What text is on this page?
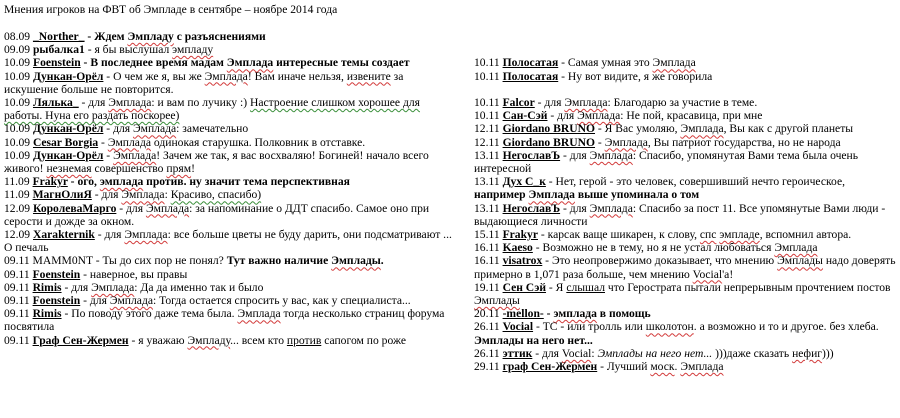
Мнения игроков на ФВТ об Эмпладе в сентябре – ноябре 2014 года
08.09 _Norther_ - Ждем Эмпладу с разъяснениями
09.09 рыбалка1 - я бы выслушал эмпладу
10.09 Foenstein - В последнее время мадам Эмплада интересные темы создает
10.09 Дункан-Орёл - О чем же я, вы же Эмплада! Вам иначе нельзя, извените за искушение больше не повторится.
10.09 Лялька_ - для Эмплада: и вам по лучику :) Настроение слишком хорошее для работы. Нуна его раздать поскорее)
10.09 Дункан-Орёл - для Эмплада: замечательно
10.09 Cesar Borgia - Эмплада одинокая старушка. Полковник в отставке.
10.09 Дункан-Орёл - Эмплада! Зачем же так, я вас восхваляю! Богиней! начало всего живого! незнемая совершенство прям!
11.09 Frakyr - ого, эмплада против. ну значит тема перспективная
11.09 МагнОлиЯ - для Эмплада: Красиво, спасибо)
12.09 КоролеваМарго - для Эмплада: за напоминание о ДДТ спасибо. Самое оно при серости и дожде за окном.
12.09 Xarakternik - для Эмплада: все больше цветы не буду дарить, они подсматривают ... О печаль
09.11 MAMM0NT - Ты до сих пор не понял? Тут важно наличие Эмплады.
09.11 Foenstein - наверное, вы правы
09.11 Rimis - для Эмплада: Да да именно так и было
09.11 Foenstein - для Эмплада: Тогда остается спросить у вас, как у специалиста...
09.11 Rimis - По поводу этого даже тема была. Эмплада тогда несколько страниц форума посвятила
09.11 Граф Сен-Жермен - я уважаю Эмпладу... всем кто против сапогом по роже
10.11 Полосатая - Самая умная это Эмплада
10.11 Полосатая - Ну вот видите, я же говорила
10.11 Falcor - для Эмплада: Благодарю за участие в теме.
10.11 Сан-Сэй - для Эмплада: Не пой, красавица, при мне
12.11 Giordano BRUNO - Я Вас умоляю, Эмплада, Вы как с другой планеты
12.11 Giordano BRUNO - Эмплада, Вы патриот государства, но не народа
13.11 НегославЪ - для Эмплада: Спасибо, упомянутая Вами тема была очень интересной
13.11 Дух С_к - Нет, герой - это человек, совершивший нечто героическое, например Эмплада выше упоминала о том
13.11 НегославЪ - для Эмплада: Спасибо за пост 11. Все упомянутые Вами люди - выдающиеся личности
15.11 Frakyr - карсак ваще шикарен, к слову, спс эмпладе, вспомнил автора.
16.11 Kaeso - Возможно не в тему, но я не устал любоваться Эмплада
16.11 visatrox - Это неопровержимо доказывает, что мнению Эмплады надо доверять примерно в 1,071 раза больше, чем мнению Vocial'а!
19.11 Сен Сэй - Я слышал что Герострата пытали непрерывным прочтением постов Эмплады
20.11 -mellon- - эмплада в помощь
26.11 Vocial - ТС - или тролль или школотон. а возможно и то и другое. без хлеба. Эмплады на него нет...
26.11 эттик - для Vocial: Эмплады на него нет... )))даже сказать нефиг)))
29.11 граф Сен-Жермен - Лучший моск. Эмплада
